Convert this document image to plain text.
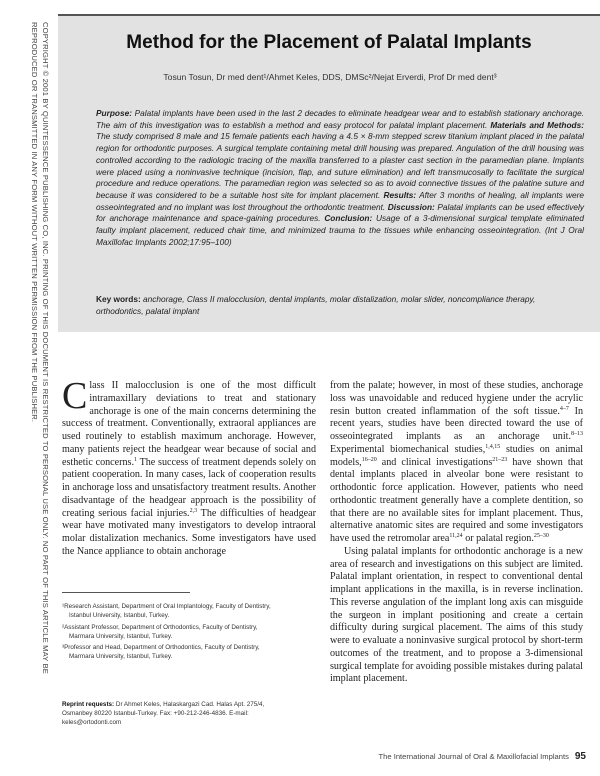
COPYRIGHT © 2001 BY QUINTESSENCE PUBLISHING CO, INC. PRINTING OF THIS DOCUMENT IS RESTRICTED TO PERSONAL USE ONLY. NO PART OF THIS ARTICLE MAY BE
REPRODUCED OR TRANSMITTED IN ANY FORM WITHOUT WRITTEN PERMISSION FROM THE PUBLISHER.	Method for the Placement of Palatal Implants
Tosun Tosun, Dr med dent¹/Ahmet Keles, DDS, DMSc²/Nejat Erverdi, Prof Dr med dent³
Purpose: Palatal implants have been used in the last 2 decades to eliminate headgear wear and to establish stationary anchorage. The aim of this investigation was to establish a method and easy protocol for palatal implant placement. Materials and Methods: The study comprised 8 male and 15 female patients each having a 4.5 × 8-mm stepped screw titanium implant placed in the palatal region for orthodontic purposes. A surgical template containing metal drill housing was prepared. Angulation of the drill housing was controlled according to the radiologic tracing of the maxilla transferred to a plaster cast section in the paramedian plane. Implants were placed using a noninvasive technique (incision, flap, and suture elimination) and left transmucosally to facilitate the surgical procedure and reduce operations. The paramedian region was selected so as to avoid connective tissues of the palatine suture and because it was considered to be a suitable host site for implant placement. Results: After 3 months of healing, all implants were osseointegrated and no implant was lost throughout the orthodontic treatment. Discussion: Palatal implants can be used effectively for anchorage maintenance and space-gaining procedures. Conclusion: Usage of a 3-dimensional surgical template eliminated faulty implant placement, reduced chair time, and minimized trauma to the tissues while enhancing osseointegration. (Int J Oral Maxillofac Implants 2002;17:95–100)
Key words: anchorage, Class II malocclusion, dental implants, molar distalization, molar slider, noncompliance therapy, orthodontics, palatal implant

Class II malocclusion is one of the most difficult intramaxillary deviations to treat and stationary anchorage is one of the main concerns determining the success of treatment. Conventionally, extraoral appliances are used routinely to establish maximum anchorage. However, many patients reject the headgear wear because of social and esthetic concerns.$^1$ The success of treatment depends solely on patient cooperation. In many cases, lack of cooperation results in anchorage loss and unsatisfactory treatment results. Another disadvantage of the headgear approach is the possibility of creating serious facial injuries.$^{2,3}$ The difficulties of headgear wear have motivated many investigators to develop intraoral molar distalization mechanics. Some investigators have used the Nance appliance to obtain anchorage

from the palate; however, in most of these studies, anchorage loss was unavoidable and reduced hygiene under the acrylic resin button created inflammation of the soft tissue.$^{4-7}$ In recent years, studies have been directed toward the use of osseointegrated implants as an anchorage unit.$^{8-13}$ Experimental biomechanical studies,$^{1,4,15}$ studies on animal models,$^{16-20}$ and clinical investigations$^{21-23}$ have shown that dental implants placed in alveolar bone were resistant to orthodontic force application. However, patients who need orthodontic treatment generally have a complete dentition, so that there are no available sites for implant placement. Thus, alternative anatomic sites are required and some investigators have used the retromolar area$^{11,24}$ or palatal region.$^{25-30}$

Using palatal implants for orthodontic anchorage is a new area of research and investigations on this subject are limited. Palatal implant orientation, in respect to conventional dental implant applications in the maxilla, is in reverse inclination. This reverse angulation of the implant long axis can misguide the surgeon in implant positioning and create a certain difficulty during surgical placement. The aims of this study were to evaluate a noninvasive surgical protocol by short-term outcomes of the treatment, and to propose a 3-dimensional surgical template for avoiding possible mistakes during palatal implant placement.

¹Research Assistant, Department of Oral Implantology, Faculty of Dentistry, Istanbul University, Istanbul, Turkey.
²Assistant Professor, Department of Orthodontics, Faculty of Dentistry, Marmara University, Istanbul, Turkey.
³Professor and Head, Department of Orthodontics, Faculty of Dentistry, Marmara University, Istanbul, Turkey.
Reprint requests: Dr Ahmet Keles, Halaskargazi Cad. Halas Apt. 275/4, Osmanbey 80220 Istanbul-Turkey. Fax: +90-212-246-4836. E-mail: keles@ortodonti.com
The International Journal of Oral & Maxillofacial Implants 95
